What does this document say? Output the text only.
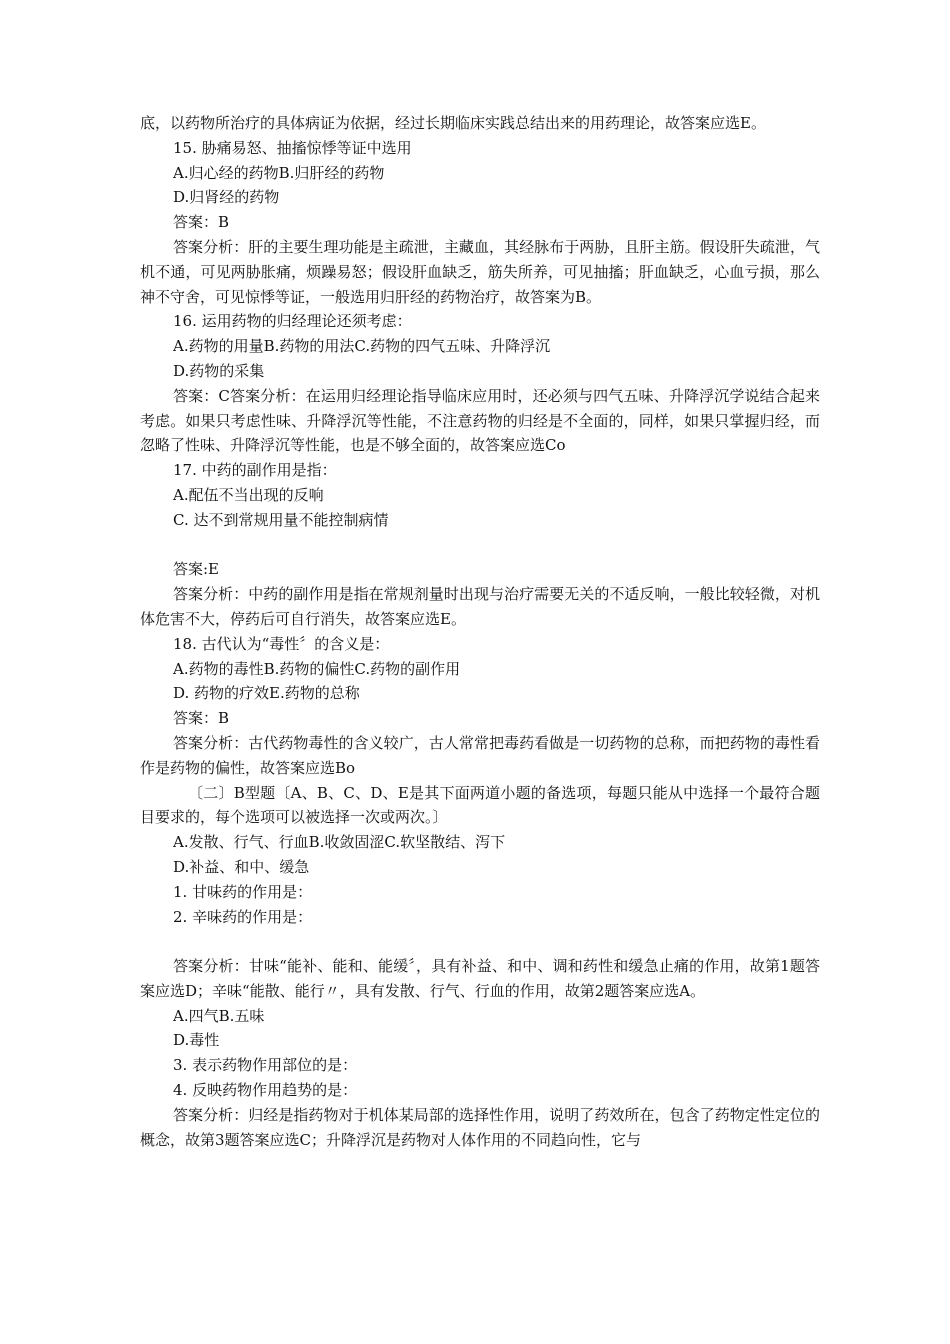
底，以药物所治疗的具体病证为依据，经过长期临床实践总结出来的用药理论，故答案应选E。
15. 胁痛易怒、抽搐惊悸等证中选用
A.归心经的药物B.归肝经的药物
D.归肾经的药物
答案：B
答案分析：肝的主要生理功能是主疏泄，主藏血，其经脉布于两胁，且肝主筋。假设肝失疏泄，气机不通，可见两胁胀痛，烦躁易怒；假设肝血缺乏，筋失所养，可见抽搐；肝血缺乏，心血亏损，那么神不守舍，可见惊悸等证，一般选用归肝经的药物治疗，故答案为B。
16. 运用药物的归经理论还须考虑：
A.药物的用量B.药物的用法C.药物的四气五味、升降浮沉
D.药物的采集
答案：C答案分析：在运用归经理论指导临床应用时，还必须与四气五味、升降浮沉学说结合起来考虑。如果只考虑性味、升降浮沉等性能，不注意药物的归经是不全面的，同样，如果只掌握归经，而忽略了性味、升降浮沉等性能，也是不够全面的，故答案应选Co
17. 中药的副作用是指：
A.配伍不当出现的反响
C. 达不到常规用量不能控制病情
答案:E
答案分析：中药的副作用是指在常规剂量时出现与治疗需要无关的不适反响，一般比较轻微，对机体危害不大，停药后可自行消失，故答案应选E。
18. 古代认为“毒性〞的含义是：
A.药物的毒性B.药物的偏性C.药物的副作用
D. 药物的疗效E.药物的总称
答案：B
答案分析：古代药物毒性的含义较广，古人常常把毒药看做是一切药物的总称，而把药物的毒性看作是药物的偏性，故答案应选Bo
〔二〕B型题〔A、B、C、D、E是其下面两道小题的备选项，每题只能从中选择一个最符合题目要求的，每个选项可以被选择一次或两次。〕
A.发散、行气、行血B.收敛固涩C.软坚散结、泻下
D.补益、和中、缓急
1. 甘味药的作用是：
2. 辛味药的作用是：
答案分析：甘味“能补、能和、能缓〞，具有补益、和中、调和药性和缓急止痛的作用，故第1题答案应选D；辛味“能散、能行〃，具有发散、行气、行血的作用，故第2题答案应选A。
A.四气B.五味
D.毒性
3. 表示药物作用部位的是：
4. 反映药物作用趋势的是：
答案分析：归经是指药物对于机体某局部的选择性作用，说明了药效所在，包含了药物定性定位的概念，故第3题答案应选C；升降浮沉是药物对人体作用的不同趋向性，它与
